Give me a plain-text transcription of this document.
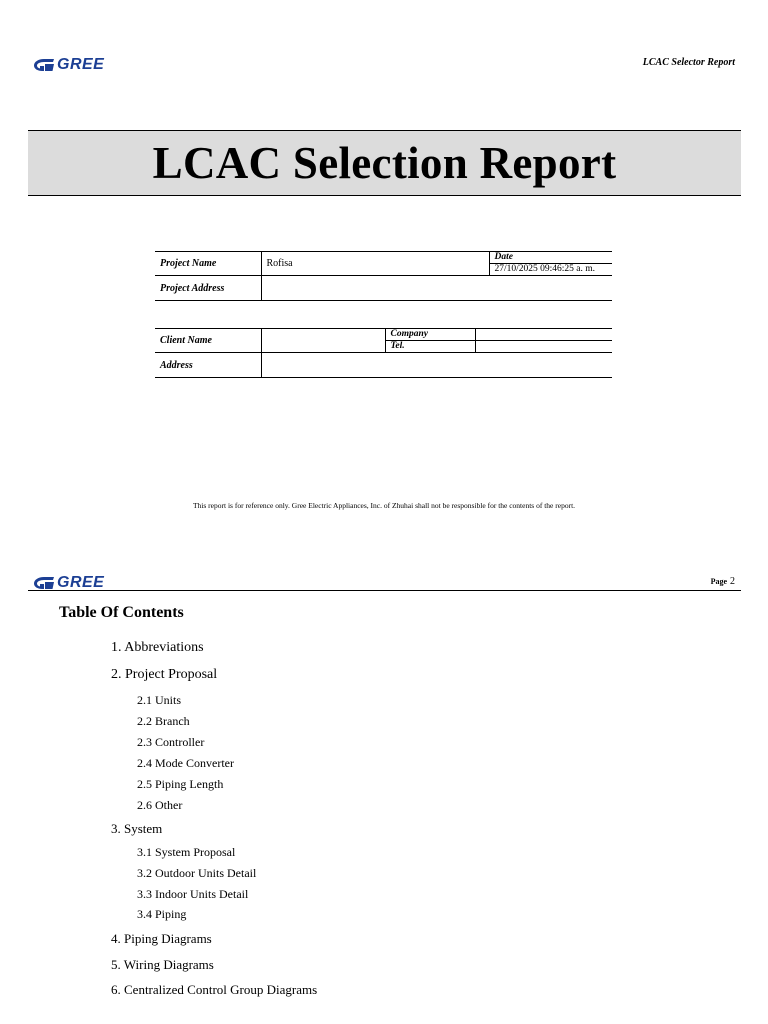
GREE	LCAC Selector Report
LCAC Selection Report
Project Name	Rofisa	Date
		27/10/2025 09:46:25 a. m.
Project Address		
Client Name		Company	
		Tel.	
Address			
This report is for reference only. Gree Electric Appliances, Inc. of Zhuhai shall not be responsible for the contents of the report.
GREE	Page 2
Table Of Contents
1. Abbreviations
2. Project Proposal
2.1 Units
2.2 Branch
2.3 Controller
2.4 Mode Converter
2.5 Piping Length
2.6 Other
3. System
3.1 System Proposal
3.2 Outdoor Units Detail
3.3 Indoor Units Detail
3.4 Piping
4. Piping Diagrams
5. Wiring Diagrams
6. Centralized Control Group Diagrams
